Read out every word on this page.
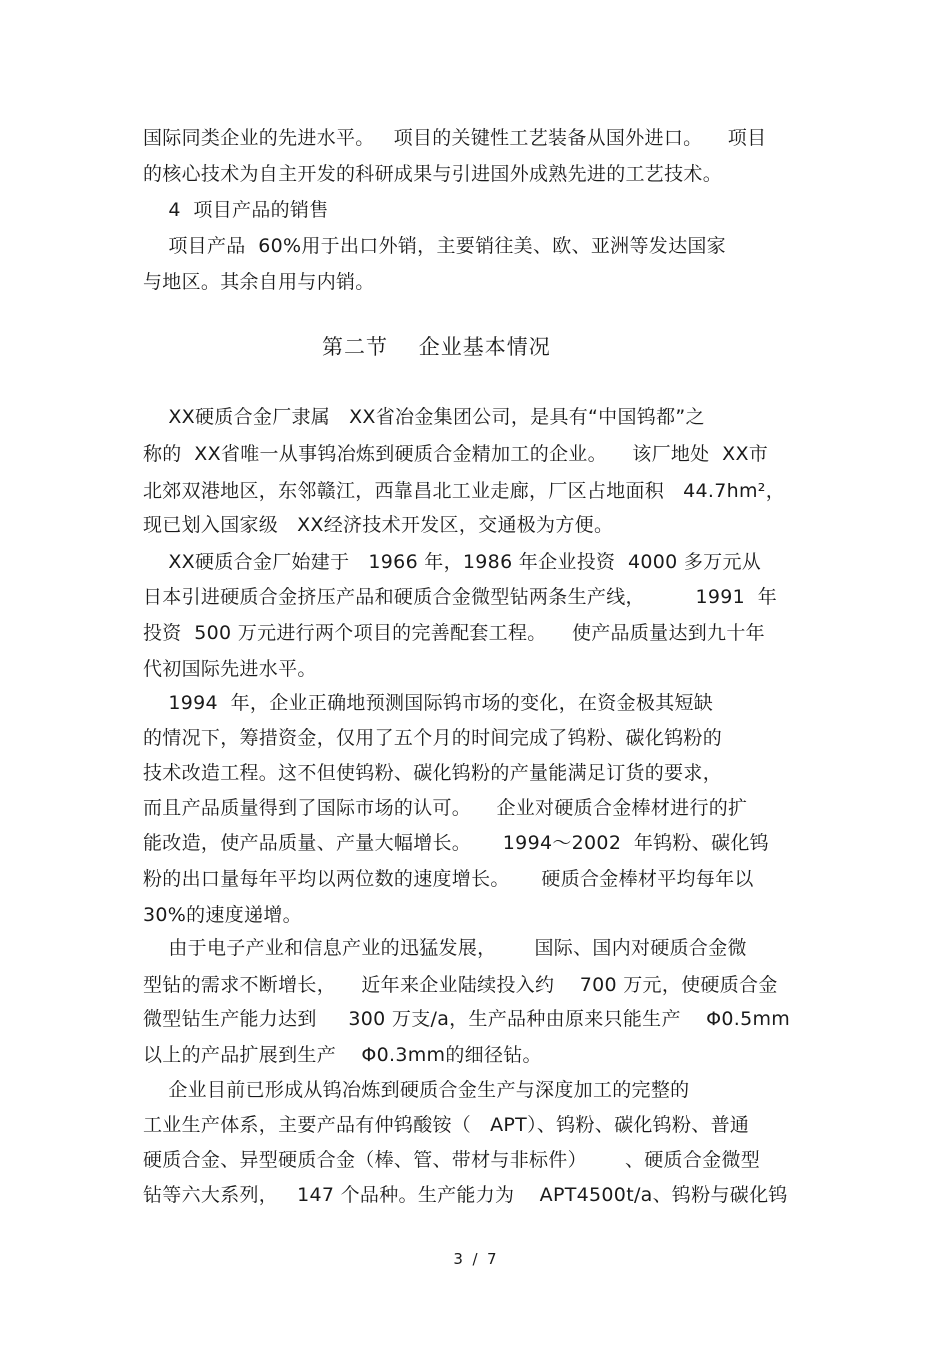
国际同类企业的先进水平。   项目的关键性工艺装备从国外进口。    项目
的核心技术为自主开发的科研成果与引进国外成熟先进的工艺技术。
4  项目产品的销售
项目产品  60%用于出口外销，主要销往美、欧、亚洲等发达国家
与地区。其余自用与内销。
第二节    企业基本情况
XX硬质合金厂隶属   XX省冶金集团公司，是具有“中国钨都”之
称的  XX省唯一从事钨冶炼到硬质合金精加工的企业。    该厂地处  XX市
北郊双港地区，东邻赣江，西靠昌北工业走廊，厂区占地面积   44.7hm²，
现已划入国家级   XX经济技术开发区，交通极为方便。
XX硬质合金厂始建于   1966 年，1986 年企业投资  4000 多万元从
日本引进硬质合金挤压产品和硬质合金微型钻两条生产线，        1991  年
投资  500 万元进行两个项目的完善配套工程。    使产品质量达到九十年
代初国际先进水平。
1994  年，企业正确地预测国际钨市场的变化，在资金极其短缺
的情况下，筹措资金，仅用了五个月的时间完成了钨粉、碳化钨粉的
技术改造工程。这不但使钨粉、碳化钨粉的产量能满足订货的要求，
而且产品质量得到了国际市场的认可。    企业对硬质合金棒材进行的扩
能改造，使产品质量、产量大幅增长。     1994～2002  年钨粉、碳化钨
粉的出口量每年平均以两位数的速度增长。     硬质合金棒材平均每年以
30%的速度递增。
由于电子产业和信息产业的迅猛发展，      国际、国内对硬质合金微
型钻的需求不断增长，    近年来企业陆续投入约    700 万元，使硬质合金
微型钻生产能力达到     300 万支/a，生产品种由原来只能生产    Φ0.5mm
以上的产品扩展到生产    Φ0.3mm的细径钻。
企业目前已形成从钨冶炼到硬质合金生产与深度加工的完整的
工业生产体系，主要产品有仲钨酸铵（   APT）、钨粉、碳化钨粉、普通
硬质合金、异型硬质合金（棒、管、带材与非标件）      、硬质合金微型
钻等六大系列，   147 个品种。生产能力为    APT4500t/a、钨粉与碳化钨
3  /  7
